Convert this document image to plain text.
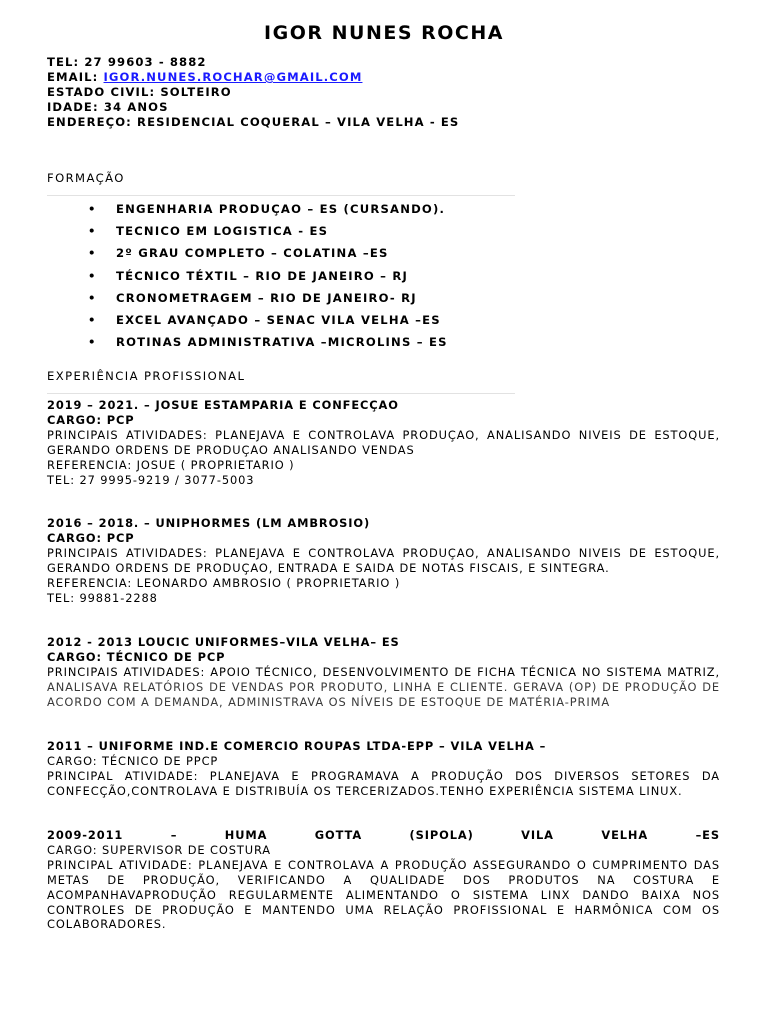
IGOR NUNES ROCHA
TEL: 27 99603 - 8882
EMAIL: IGOR.NUNES.ROCHAR@GMAIL.COM
ESTADO CIVIL: SOLTEIRO
IDADE: 34 ANOS
ENDEREÇO: RESIDENCIAL COQUERAL – VILA VELHA - ES
FORMAÇÃO
• ENGENHARIA PRODUÇAO – ES (CURSANDO).
• TECNICO EM LOGISTICA - ES
• 2º GRAU COMPLETO – COLATINA –ES
• TÉCNICO TÉXTIL – RIO DE JANEIRO – RJ
• CRONOMETRAGEM – RIO DE JANEIRO- RJ
• EXCEL AVANÇADO – SENAC VILA VELHA –ES
• ROTINAS ADMINISTRATIVA –MICROLINS – ES
EXPERIÊNCIA PROFISSIONAL
2019 – 2021. – JOSUE ESTAMPARIA E CONFECÇAO
CARGO: PCP
PRINCIPAIS ATIVIDADES: PLANEJAVA E CONTROLAVA PRODUÇAO, ANALISANDO NIVEIS DE ESTOQUE, GERANDO ORDENS DE PRODUÇAO ANALISANDO VENDAS
REFERENCIA: JOSUE ( PROPRIETARIO )
TEL: 27 9995-9219 / 3077-5003
2016 – 2018. – UNIPHORMES (LM AMBROSIO)
CARGO: PCP
PRINCIPAIS ATIVIDADES: PLANEJAVA E CONTROLAVA PRODUÇAO, ANALISANDO NIVEIS DE ESTOQUE, GERANDO ORDENS DE PRODUÇAO, ENTRADA E SAIDA DE NOTAS FISCAIS, E SINTEGRA.
REFERENCIA: LEONARDO AMBROSIO ( PROPRIETARIO )
TEL: 99881-2288
2012 - 2013 LOUCIC UNIFORMES–VILA VELHA– ES
CARGO: TÉCNICO DE PCP
PRINCIPAIS ATIVIDADES: APOIO TÉCNICO, DESENVOLVIMENTO DE FICHA TÉCNICA NO SISTEMA MATRIZ, ANALISAVA RELATÓRIOS DE VENDAS POR PRODUTO, LINHA E CLIENTE. GERAVA (OP) DE PRODUÇÃO DE ACORDO COM A DEMANDA, ADMINISTRAVA OS NÍVEIS DE ESTOQUE DE MATÉRIA-PRIMA
2011 – UNIFORME IND.E COMERCIO ROUPAS LTDA-EPP – VILA VELHA –
CARGO: TÉCNICO DE PPCP
PRINCIPAL ATIVIDADE: PLANEJAVA E PROGRAMAVA A PRODUÇÃO DOS DIVERSOS SETORES DA CONFECÇÃO,CONTROLAVA E DISTRIBUÍA OS TERCERIZADOS.TENHO EXPERIÊNCIA SISTEMA LINUX.
2009-2011	–	HUMA	GOTTA	(SIPOLA)	VILA	VELHA	–ES
CARGO: SUPERVISOR DE COSTURA
PRINCIPAL ATIVIDADE: PLANEJAVA E CONTROLAVA A PRODUÇÃO ASSEGURANDO O CUMPRIMENTO DAS METAS DE PRODUÇÃO, VERIFICANDO A QUALIDADE DOS PRODUTOS NA COSTURA E ACOMPANHAVAPRODUÇÃO REGULARMENTE ALIMENTANDO O SISTEMA LINX DANDO BAIXA NOS CONTROLES DE PRODUÇÃO E MANTENDO UMA RELAÇÃO PROFISSIONAL E HARMÔNICA COM OS COLABORADORES.
